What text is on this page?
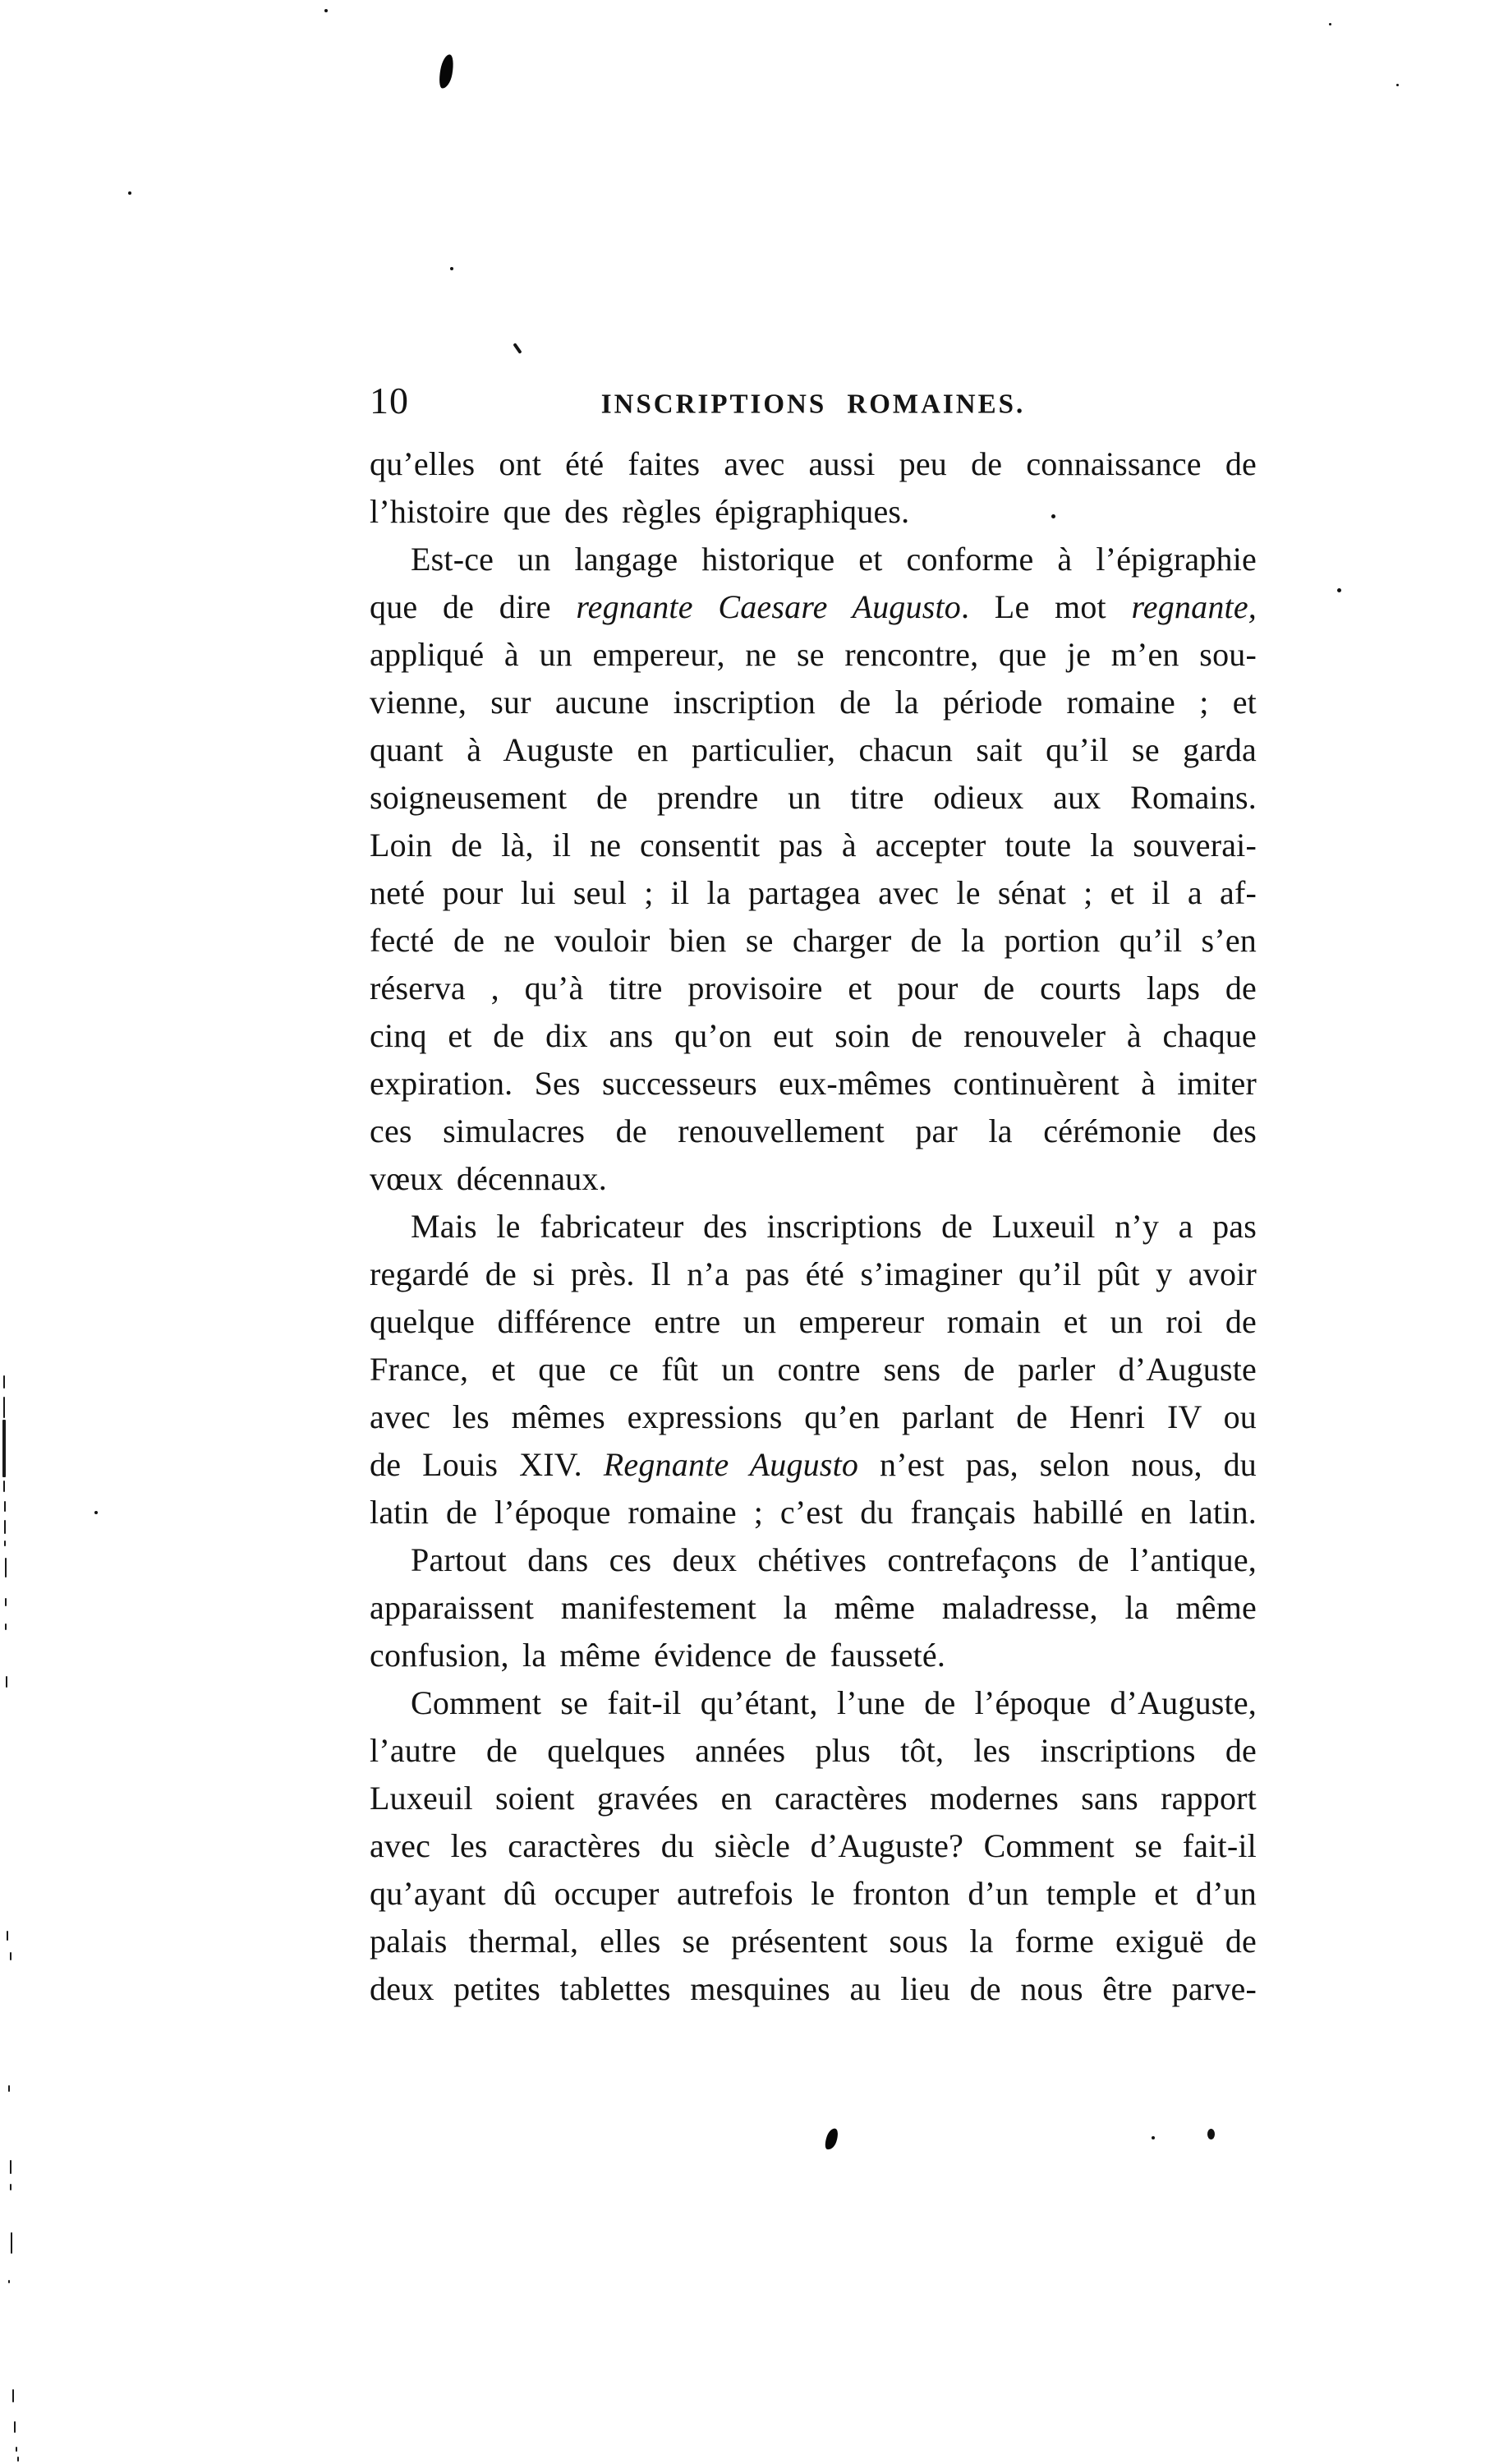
10	INSCRIPTIONS ROMAINES.
qu’elles ont été faites avec aussi peu de connaissance de
l’histoire que des règles épigraphiques.
Est-ce un langage historique et conforme à l’épigraphie
que de dire regnante Caesare Augusto. Le mot regnante,
appliqué à un empereur, ne se rencontre, que je m’en sou-
vienne, sur aucune inscription de la période romaine ; et
quant à Auguste en particulier, chacun sait qu’il se garda
soigneusement de prendre un titre odieux aux Romains.
Loin de là, il ne consentit pas à accepter toute la souverai-
neté pour lui seul ; il la partagea avec le sénat ; et il a af-
fecté de ne vouloir bien se charger de la portion qu’il s’en
réserva , qu’à titre provisoire et pour de courts laps de
cinq et de dix ans qu’on eut soin de renouveler à chaque
expiration. Ses successeurs eux-mêmes continuèrent à imiter
ces simulacres de renouvellement par la cérémonie des
vœux décennaux.
Mais le fabricateur des inscriptions de Luxeuil n’y a pas
regardé de si près. Il n’a pas été s’imaginer qu’il pût y avoir
quelque différence entre un empereur romain et un roi de
France, et que ce fût un contre sens de parler d’Auguste
avec les mêmes expressions qu’en parlant de Henri IV ou
de Louis XIV. Regnante Augusto n’est pas, selon nous, du
latin de l’époque romaine ; c’est du français habillé en latin.
Partout dans ces deux chétives contrefaçons de l’antique,
apparaissent manifestement la même maladresse, la même
confusion, la même évidence de fausseté.
Comment se fait-il qu’étant, l’une de l’époque d’Auguste,
l’autre de quelques années plus tôt, les inscriptions de
Luxeuil soient gravées en caractères modernes sans rapport
avec les caractères du siècle d’Auguste? Comment se fait-il
qu’ayant dû occuper autrefois le fronton d’un temple et d’un
palais thermal, elles se présentent sous la forme exiguë de
deux petites tablettes mesquines au lieu de nous être parve-
